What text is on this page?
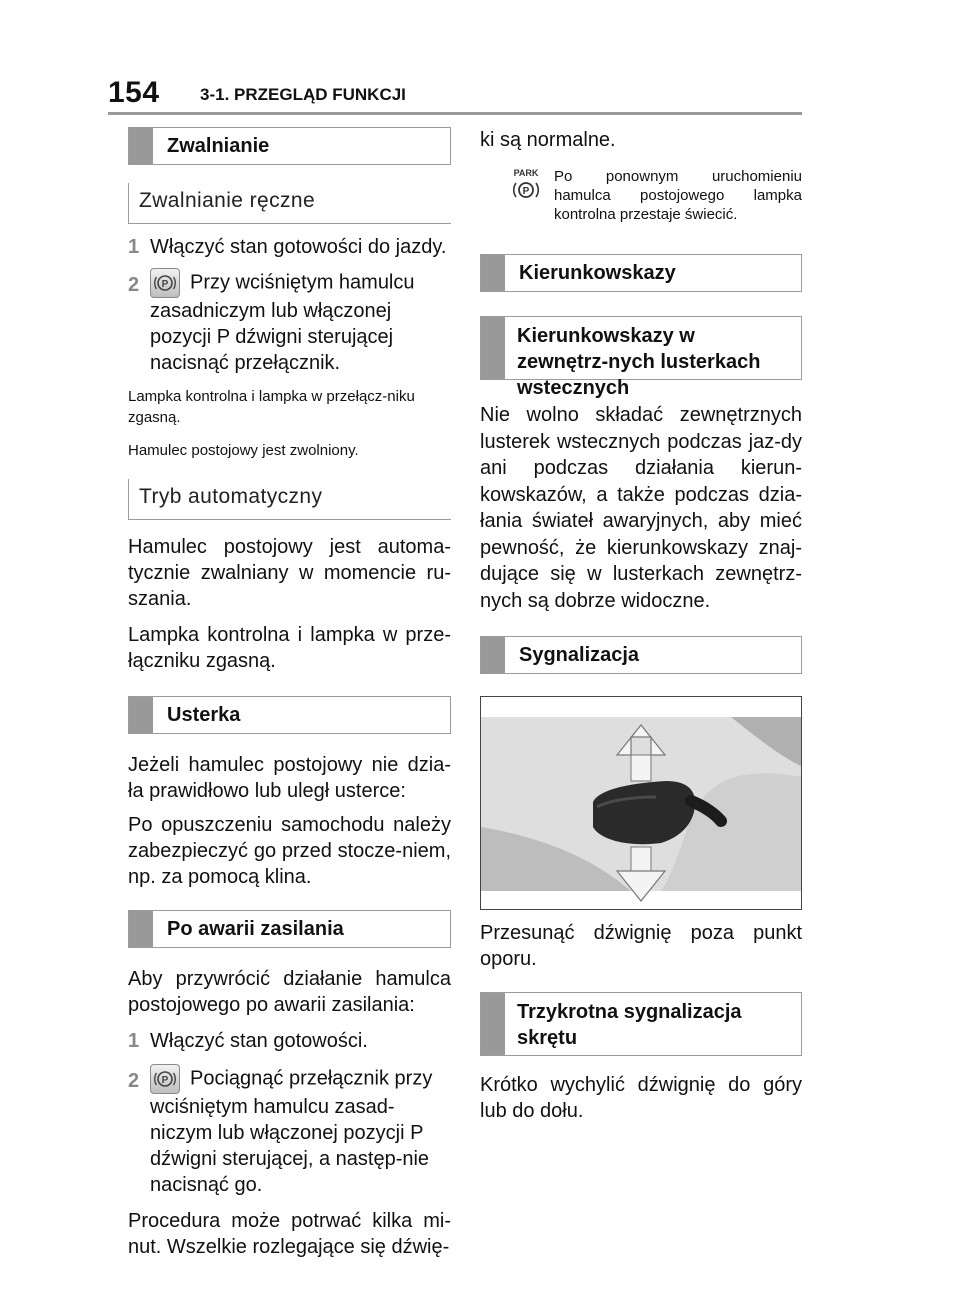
154 3-1. PRZEGLĄD FUNKCJI
Zwalnianie
Zwalnianie ręczne
1 Włączyć stan gotowości do jazdy.
2	P Przy wciśniętym hamulcu zasadniczym lub włączonej pozycji P dźwigni sterującej nacisnąć przełącznik.

Lampka kontrolna i lampka w przełącz-niku zgasną.

Hamulec postojowy jest zwolniony.

Tryb automatyczny

Hamulec postojowy jest automa-tycznie zwalniany w momencie ru-szania.

Lampka kontrolna i lampka w prze-łączniku zgasną.

Usterka

Jeżeli hamulec postojowy nie dzia-ła prawidłowo lub uległ usterce:

Po opuszczeniu samochodu należy zabezpieczyć go przed stocze-niem, np. za pomocą klina.

Po awarii zasilania

Aby przywrócić działanie hamulca postojowego po awarii zasilania:

1 Włączyć stan gotowości.
2	P Pociągnąć przełącznik przy wciśniętym hamulcu zasad-niczym lub włączonej pozycji P dźwigni sterującej, a następ-nie nacisnąć go.

Procedura może potrwać kilka mi-nut. Wszelkie rozlegające się dźwię-

ki są normalne.

PARK
P
Po ponownym uruchomieniu hamulca postojowego lampka kontrolna przestaje świecić.
Kierunkowskazy
Kierunkowskazy w zewnętrz-nych lusterkach wstecznych

Nie wolno składać zewnętrznych lusterek wstecznych podczas jaz-dy ani podczas działania kierun-kowskazów, a także podczas dzia-łania świateł awaryjnych, aby mieć pewność, że kierunkowskazy znaj-dujące się w lusterkach zewnętrz-nych są dobrze widoczne.

Sygnalizacja

Przesunąć dźwignię poza punkt oporu.

Trzykrotna sygnalizacja skrętu

Krótko wychylić dźwignię do góry lub do dołu.
